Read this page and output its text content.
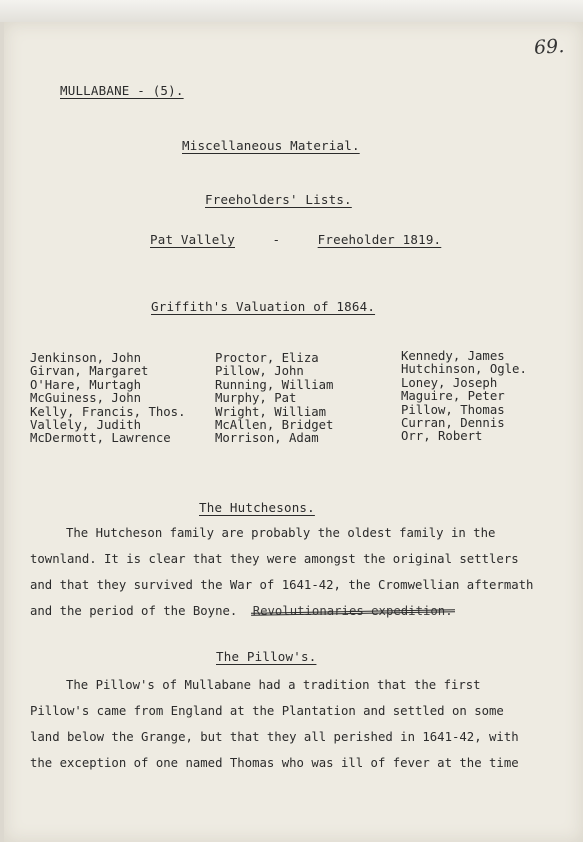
69.
MULLABANE - (5).
Miscellaneous Material.
Freeholders' Lists.
Pat Vallely	-	Freeholder 1819.
Griffith's Valuation of 1864.
Jenkinson, John
Girvan, Margaret
O'Hare, Murtagh
McGuiness, John
Kelly, Francis, Thos.
Vallely, Judith
McDermott, Lawrence
Proctor, Eliza
Pillow, John
Running, William
Murphy, Pat
Wright, William
McAllen, Bridget
Morrison, Adam
Kennedy, James
Hutchinson, Ogle.
Loney, Joseph
Maguire, Peter
Pillow, Thomas
Curran, Dennis
Orr, Robert
The Hutchesons.
The Hutcheson family are probably the oldest family in the
townland. It is clear that they were amongst the original settlers
and that they survived the War of 1641-42, the Cromwellian aftermath
and the period of the Boyne. Revolutionaries expedition.
The Pillow's.
The Pillow's of Mullabane had a tradition that the first
Pillow's came from England at the Plantation and settled on some
land below the Grange, but that they all perished in 1641-42, with
the exception of one named Thomas who was ill of fever at the time
